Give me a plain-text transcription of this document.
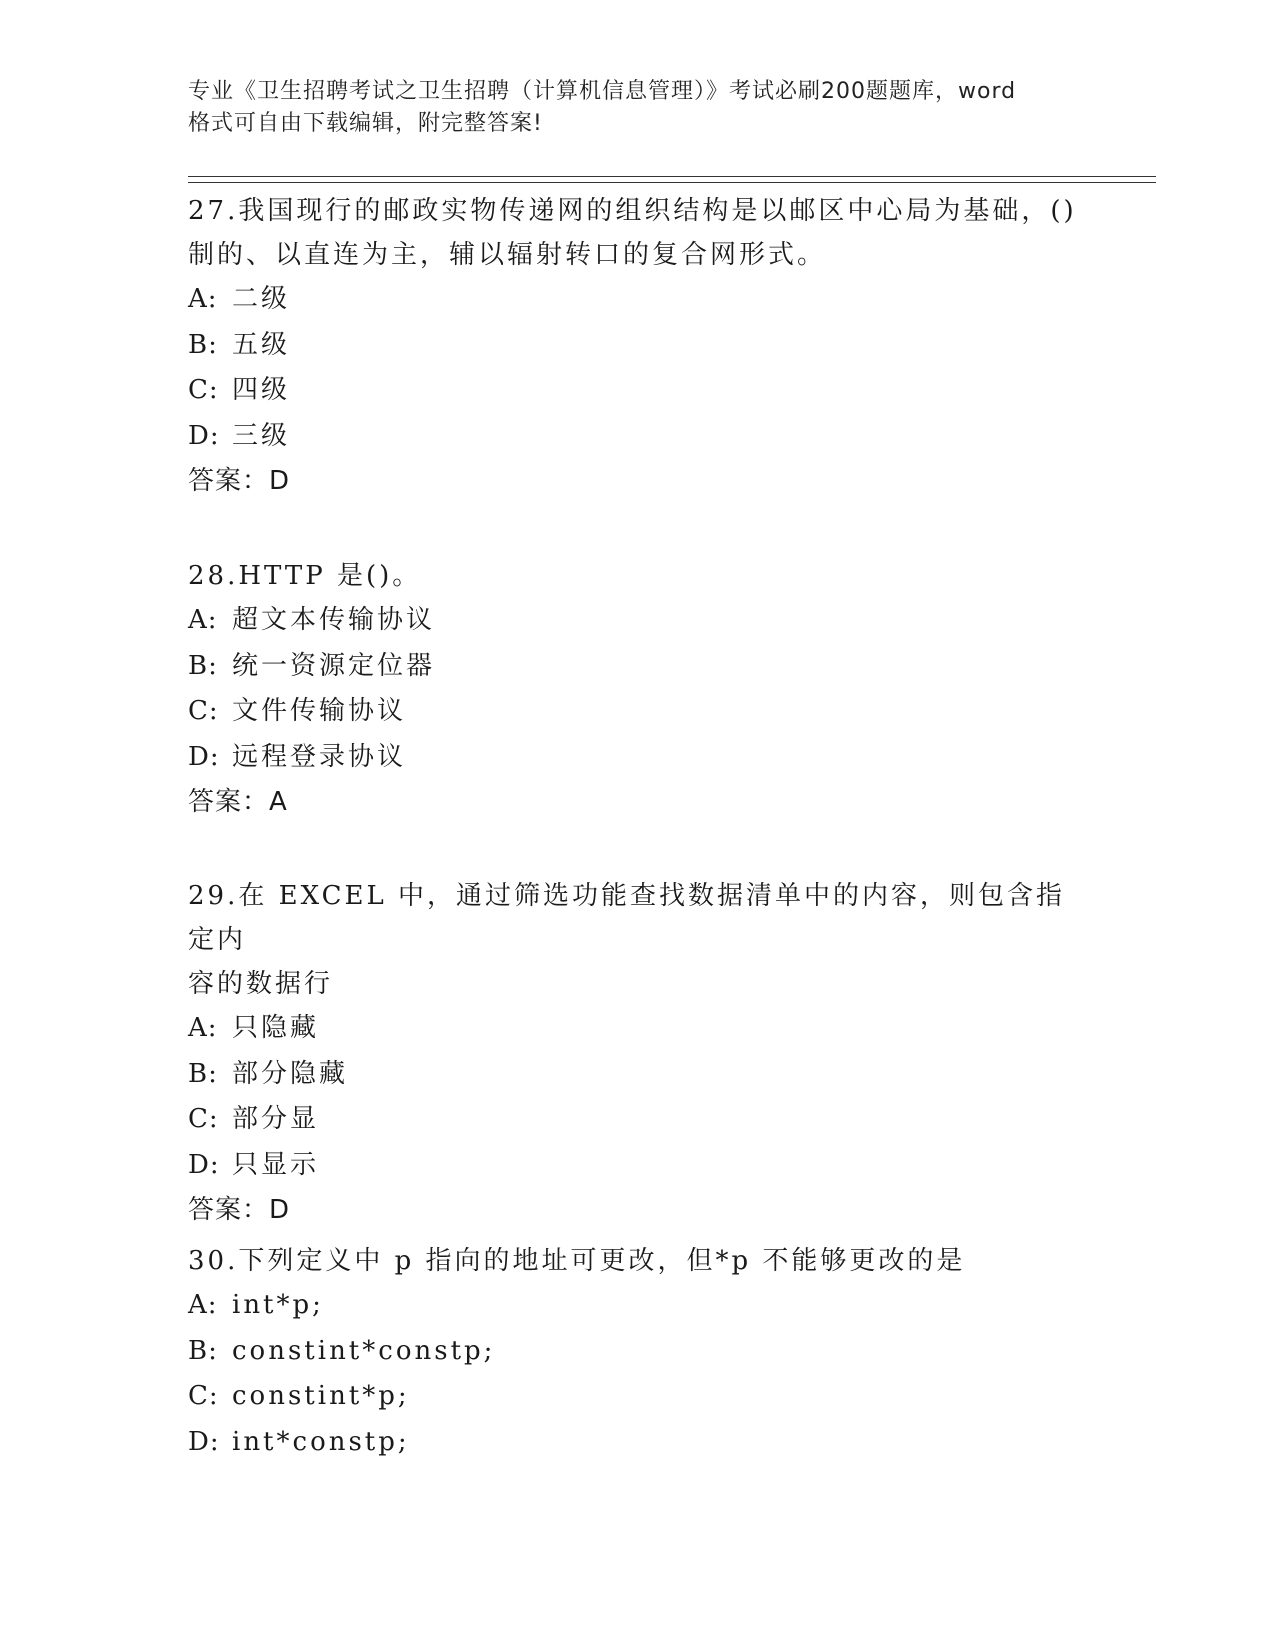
专业《卫生招聘考试之卫生招聘（计算机信息管理）》考试必刷200题题库，word
格式可自由下载编辑，附完整答案!

27.我国现行的邮政实物传递网的组织结构是以邮区中心局为基础，()

制的、以直连为主，辅以辐射转口的复合网形式。

A: 二级

B: 五级

C: 四级

D: 三级

答案：D

28.HTTP 是()。

A: 超文本传输协议

B: 统一资源定位器

C: 文件传输协议

D: 远程登录协议

答案：A

29.在 EXCEL 中，通过筛选功能查找数据清单中的内容，则包含指定内

容的数据行

A: 只隐藏

B: 部分隐藏

C: 部分显

D: 只显示

答案：D

30.下列定义中 p 指向的地址可更改，但*p 不能够更改的是

A: int*p;

B: constint*constp;

C: constint*p;

D: int*constp;
